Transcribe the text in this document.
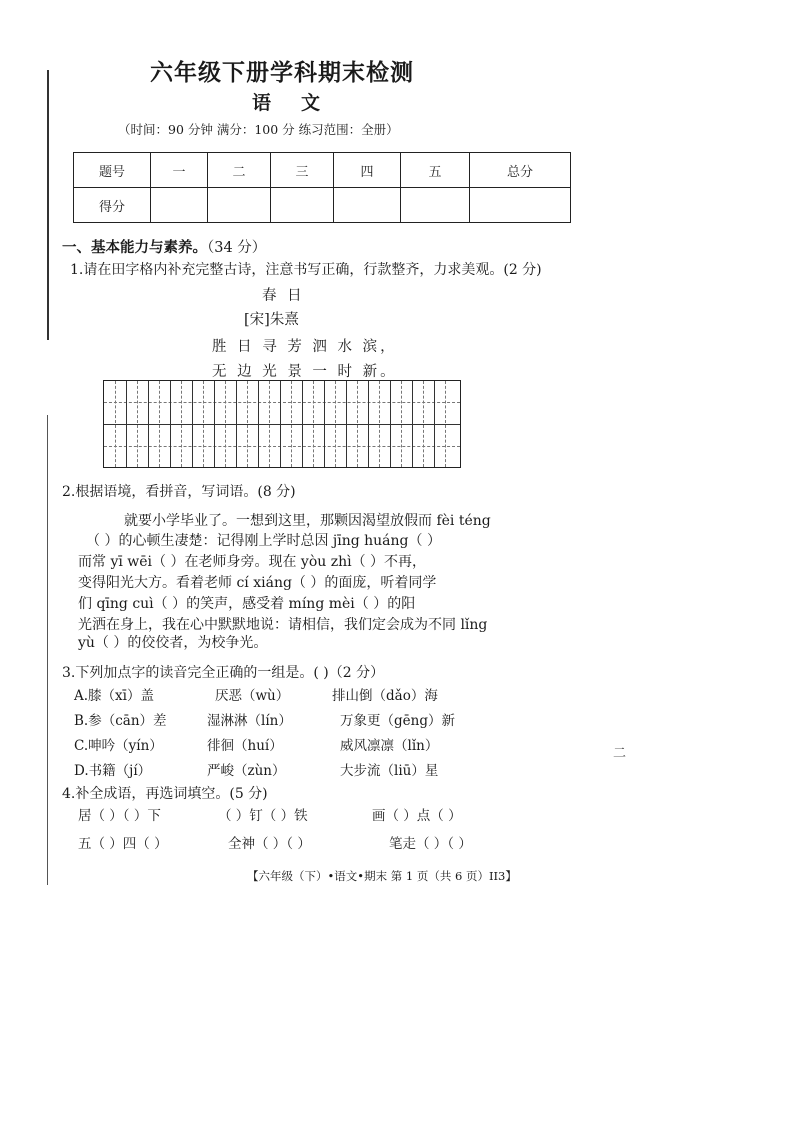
六年级下册学科期末检测
语 文
（时间：90 分钟 满分：100 分 练习范围：全册）
题号	一	二	三	四	五	总分
得分						
一、基本能力与素养。（34 分）
1.请在田字格内补充完整古诗，注意书写正确，行款整齐，力求美观。(2 分)
春 日
[宋]朱熹
胜 日 寻 芳 泗 水 滨，
无 边 光 景 一 时 新。
2.根据语境，看拼音，写词语。(8 分)
就要小学毕业了。一想到这里，那颗因渴望放假而 fèi téng
（ ）的心顿生凄楚：记得刚上学时总因 jīng huáng（ ）
而常 yī wēi（ ）在老师身旁。现在 yòu zhì（ ）不再，
变得阳光大方。看着老师 cí xiáng（ ）的面庞，听着同学
们 qīng cuì（ ）的笑声，感受着 míng mèi（ ）的阳
光洒在身上，我在心中默默地说：请相信，我们定会成为不同 lǐng
yù（ ）的佼佼者，为校争光。
3.下列加点字的读音完全正确的一组是。( )（2 分）
A.膝（xī）盖	厌恶（wù）	排山倒（dǎo）海
B.参（cān）差	湿淋淋（lín）	万象更（gēng）新
C.呻吟（yín）	徘徊（huí）	威风凛凛（lǐn）
D.书籍（jí）	严峻（zùn）	大步流（liū）星
4.补全成语，再选词填空。(5 分)
居（ ）（ ）下	（ ）钉（ ）铁	画（ ）点（ ）
五（ ）四（ ）	全神（ ）（ ）	笔走（ ）（ ）
【六年级（下）•语文•期末 第 1 页（共 6 页）II3】
二
